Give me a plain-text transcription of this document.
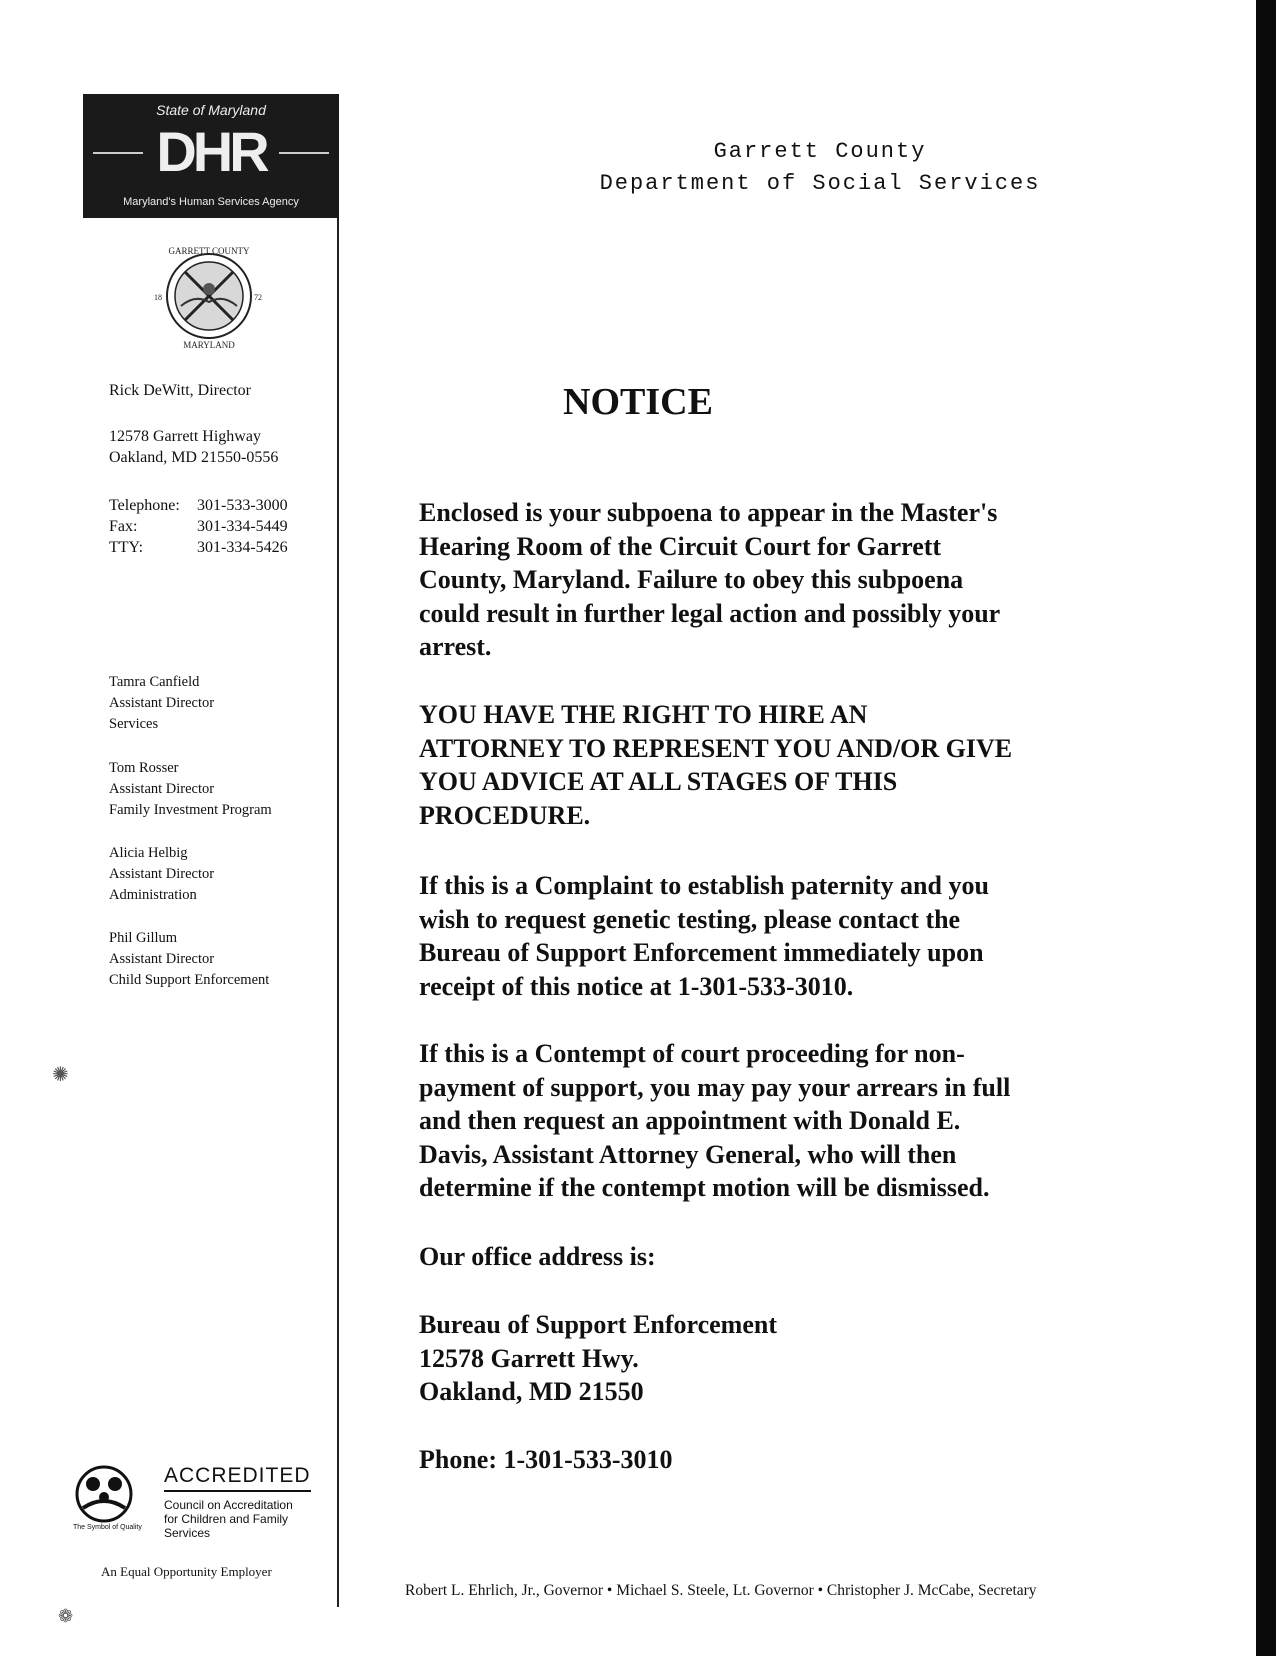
State of Maryland
DHR
Maryland's Human Services Agency
GARRETT COUNTY
MARYLAND
18	72
Rick DeWitt, Director
12578 Garrett Highway
Oakland, MD 21550-0556
Telephone:	301-533-3000
Fax:	301-334-5449
TTY:	301-334-5426
Tamra Canfield
Assistant Director
Services
Tom Rosser
Assistant Director
Family Investment Program
Alicia Helbig
Assistant Director
Administration
Phil Gillum
Assistant Director
Child Support Enforcement
✺
Garrett County
Department of Social Services
NOTICE
Enclosed is your subpoena to appear in the Master's
Hearing Room of the Circuit Court for Garrett
County, Maryland. Failure to obey this subpoena
could result in further legal action and possibly your
arrest.
YOU HAVE THE RIGHT TO HIRE AN
ATTORNEY TO REPRESENT YOU AND/OR GIVE
YOU ADVICE AT ALL STAGES OF THIS
PROCEDURE.
If this is a Complaint to establish paternity and you
wish to request genetic testing, please contact the
Bureau of Support Enforcement immediately upon
receipt of this notice at 1-301-533-3010.
If this is a Contempt of court proceeding for non-
payment of support, you may pay your arrears in full
and then request an appointment with Donald E.
Davis, Assistant Attorney General, who will then
determine if the contempt motion will be dismissed.
Our office address is:
Bureau of Support Enforcement
12578 Garrett Hwy.
Oakland, MD 21550
Phone: 1-301-533-3010
ACCREDITED
Council on Accreditation
for Children and Family Services
The Symbol of Quality
An Equal Opportunity Employer
❁
Robert L. Ehrlich, Jr., Governor • Michael S. Steele, Lt. Governor • Christopher J. McCabe, Secretary
